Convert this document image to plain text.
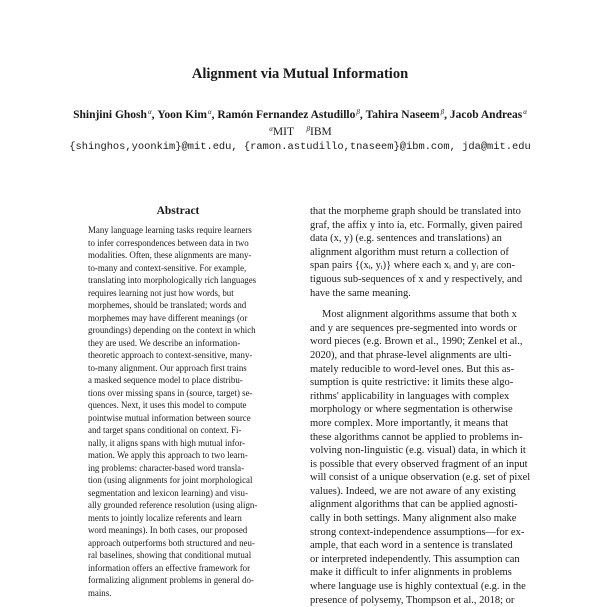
Alignment via Mutual Information
Shinjini Ghosh$^\alpha$, Yoon Kim$^\alpha$, Ramón Fernandez Astudillo$^\beta$, Tahira Naseem$^\beta$, Jacob Andreas$^\alpha$
$^\alpha$MIT $^\beta$IBM
{shinghos,yoonkim}@mit.edu, {ramon.astudillo,tnaseem}@ibm.com, jda@mit.edu
Abstract
Many language learning tasks require learners
to infer correspondences between data in two
modalities. Often, these alignments are many-
to-many and context-sensitive. For example,
translating into morphologically rich languages
requires learning not just how words, but
morphemes, should be translated; words and
morphemes may have different meanings (or
groundings) depending on the context in which
they are used. We describe an information-
theoretic approach to context-sensitive, many-
to-many alignment. Our approach first trains
a masked sequence model to place distribu-
tions over missing spans in (source, target) se-
quences. Next, it uses this model to compute
pointwise mutual information between source
and target spans conditional on context. Fi-
nally, it aligns spans with high mutual infor-
mation. We apply this approach to two learn-
ing problems: character-based word transla-
tion (using alignments for joint morphological
segmentation and lexicon learning) and visu-
ally grounded reference resolution (using align-
ments to jointly localize referents and learn
word meanings). In both cases, our proposed
approach outperforms both structured and neu-
ral baselines, showing that conditional mutual
information offers an effective framework for
formalizing alignment problems in general do-
mains.
that the morpheme graph should be translated into
graf, the affix y into ía, etc. Formally, given paired
data (x, y) (e.g. sentences and translations) an
alignment algorithm must return a collection of
span pairs {(xᵢ, yᵢ)} where each xᵢ and yᵢ are con-
tiguous sub-sequences of x and y respectively, and
have the same meaning.
Most alignment algorithms assume that both x
and y are sequences pre-segmented into words or
word pieces (e.g. Brown et al., 1990; Zenkel et al.,
2020), and that phrase-level alignments are ulti-
mately reducible to word-level ones. But this as-
sumption is quite restrictive: it limits these algo-
rithms' applicability in languages with complex
morphology or where segmentation is otherwise
more complex. More importantly, it means that
these algorithms cannot be applied to problems in-
volving non-linguistic (e.g. visual) data, in which it
is possible that every observed fragment of an input
will consist of a unique observation (e.g. set of pixel
values). Indeed, we are not aware of any existing
alignment algorithms that can be applied agnosti-
cally in both settings. Many alignment also make
strong context-independence assumptions—for ex-
ample, that each word in a sentence is translated
or interpreted independently. This assumption can
make it difficult to infer alignments in problems
where language use is highly contextual (e.g. in the
presence of polysemy, Thompson et al., 2018; or
